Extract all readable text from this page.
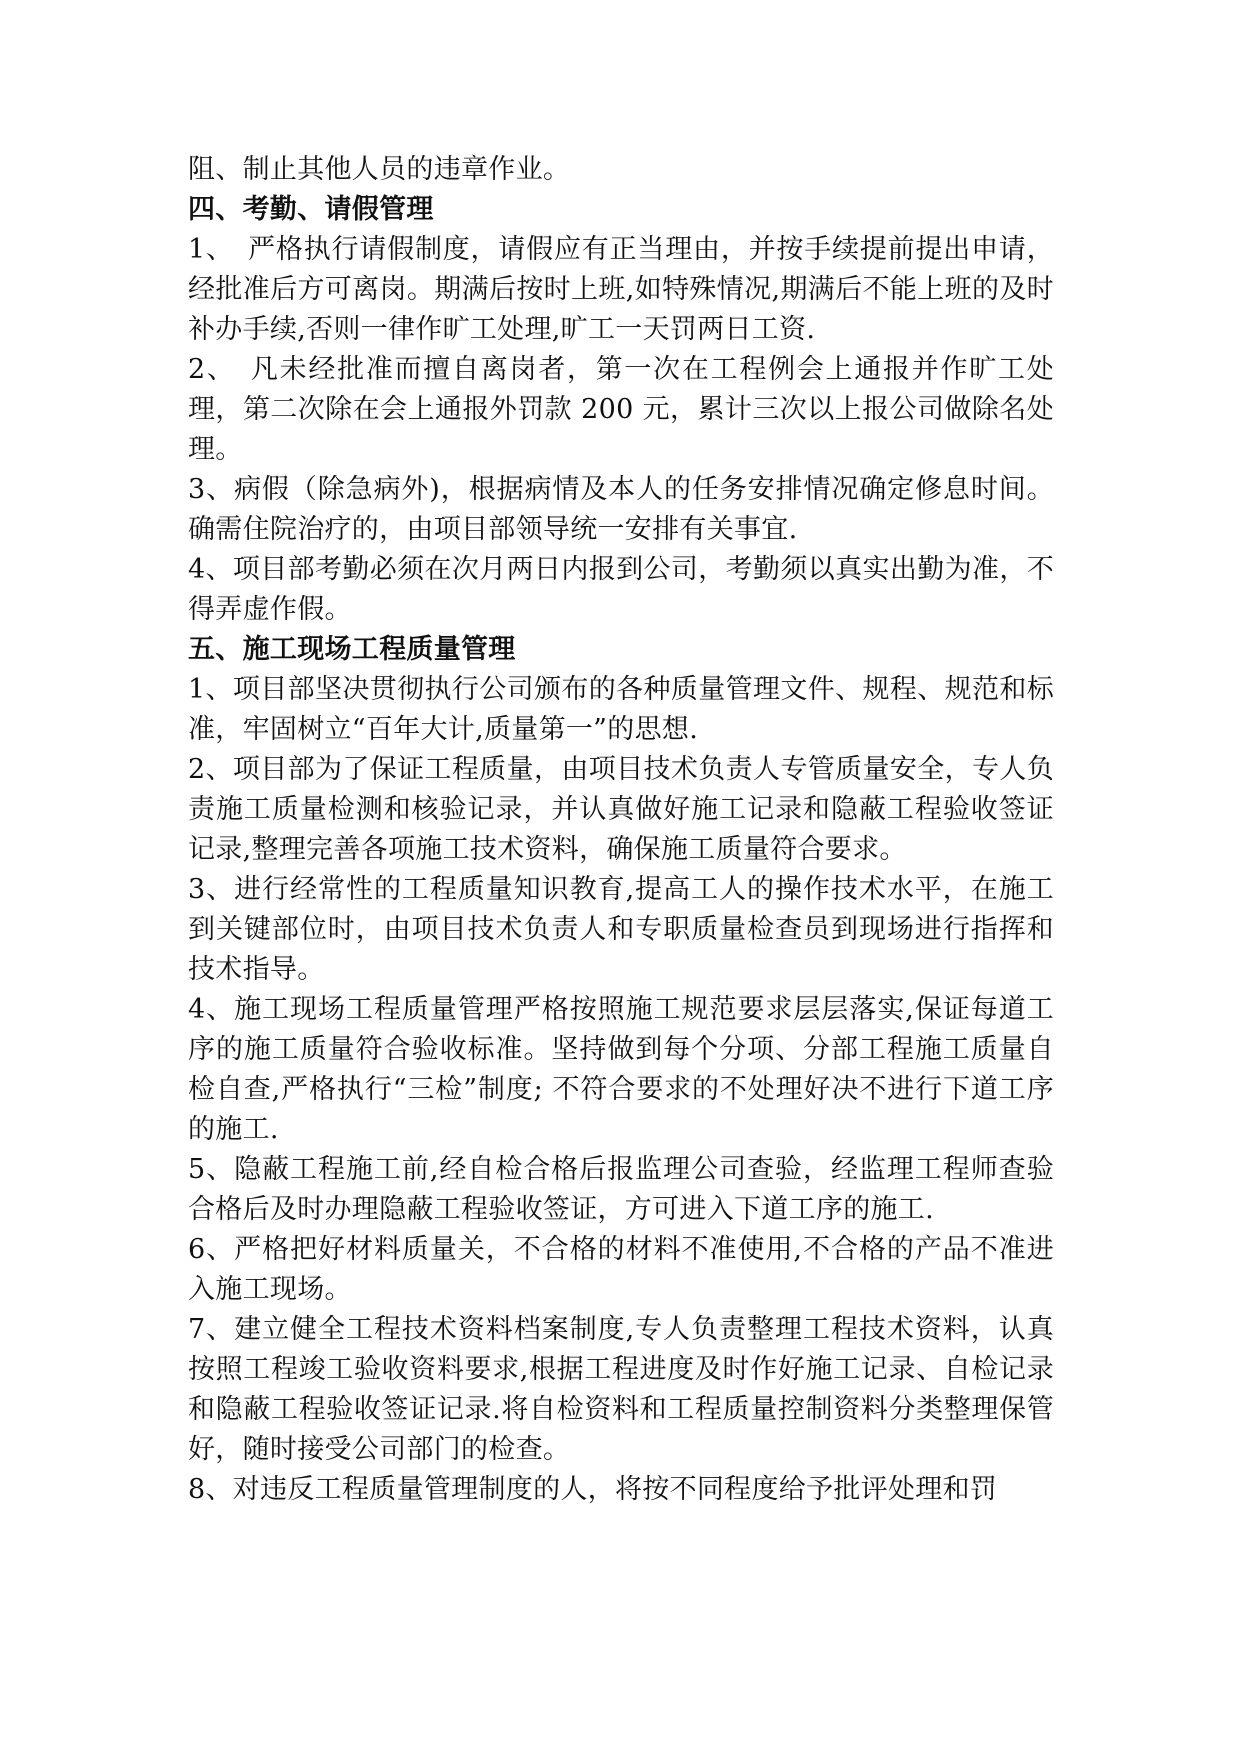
阻、制止其他人员的违章作业。

四、考勤、请假管理

1、　严格执行请假制度，请假应有正当理由，并按手续提前提出申请，经批准后方可离岗。期满后按时上班,如特殊情况,期满后不能上班的及时补办手续,否则一律作旷工处理,旷工一天罚两日工资.

2、　凡未经批准而擅自离岗者，第一次在工程例会上通报并作旷工处理，第二次除在会上通报外罚款 200 元，累计三次以上报公司做除名处理。

3、病假（除急病外)，根据病情及本人的任务安排情况确定修息时间。确需住院治疗的，由项目部领导统一安排有关事宜.

4、项目部考勤必须在次月两日内报到公司，考勤须以真实出勤为准，不得弄虚作假。

五、施工现场工程质量管理

1、项目部坚决贯彻执行公司颁布的各种质量管理文件、规程、规范和标准，牢固树立“百年大计,质量第一”的思想.

2、项目部为了保证工程质量，由项目技术负责人专管质量安全，专人负责施工质量检测和核验记录，并认真做好施工记录和隐蔽工程验收签证记录,整理完善各项施工技术资料，确保施工质量符合要求。

3、进行经常性的工程质量知识教育,提高工人的操作技术水平，在施工到关键部位时，由项目技术负责人和专职质量检查员到现场进行指挥和技术指导。

4、施工现场工程质量管理严格按照施工规范要求层层落实,保证每道工序的施工质量符合验收标准。坚持做到每个分项、分部工程施工质量自检自查,严格执行“三检”制度; 不符合要求的不处理好决不进行下道工序的施工.

5、隐蔽工程施工前,经自检合格后报监理公司查验，经监理工程师查验合格后及时办理隐蔽工程验收签证，方可进入下道工序的施工.

6、严格把好材料质量关，不合格的材料不准使用,不合格的产品不准进入施工现场。

7、建立健全工程技术资料档案制度,专人负责整理工程技术资料，认真按照工程竣工验收资料要求,根据工程进度及时作好施工记录、自检记录和隐蔽工程验收签证记录.将自检资料和工程质量控制资料分类整理保管好，随时接受公司部门的检查。

8、对违反工程质量管理制度的人，将按不同程度给予批评处理和罚
